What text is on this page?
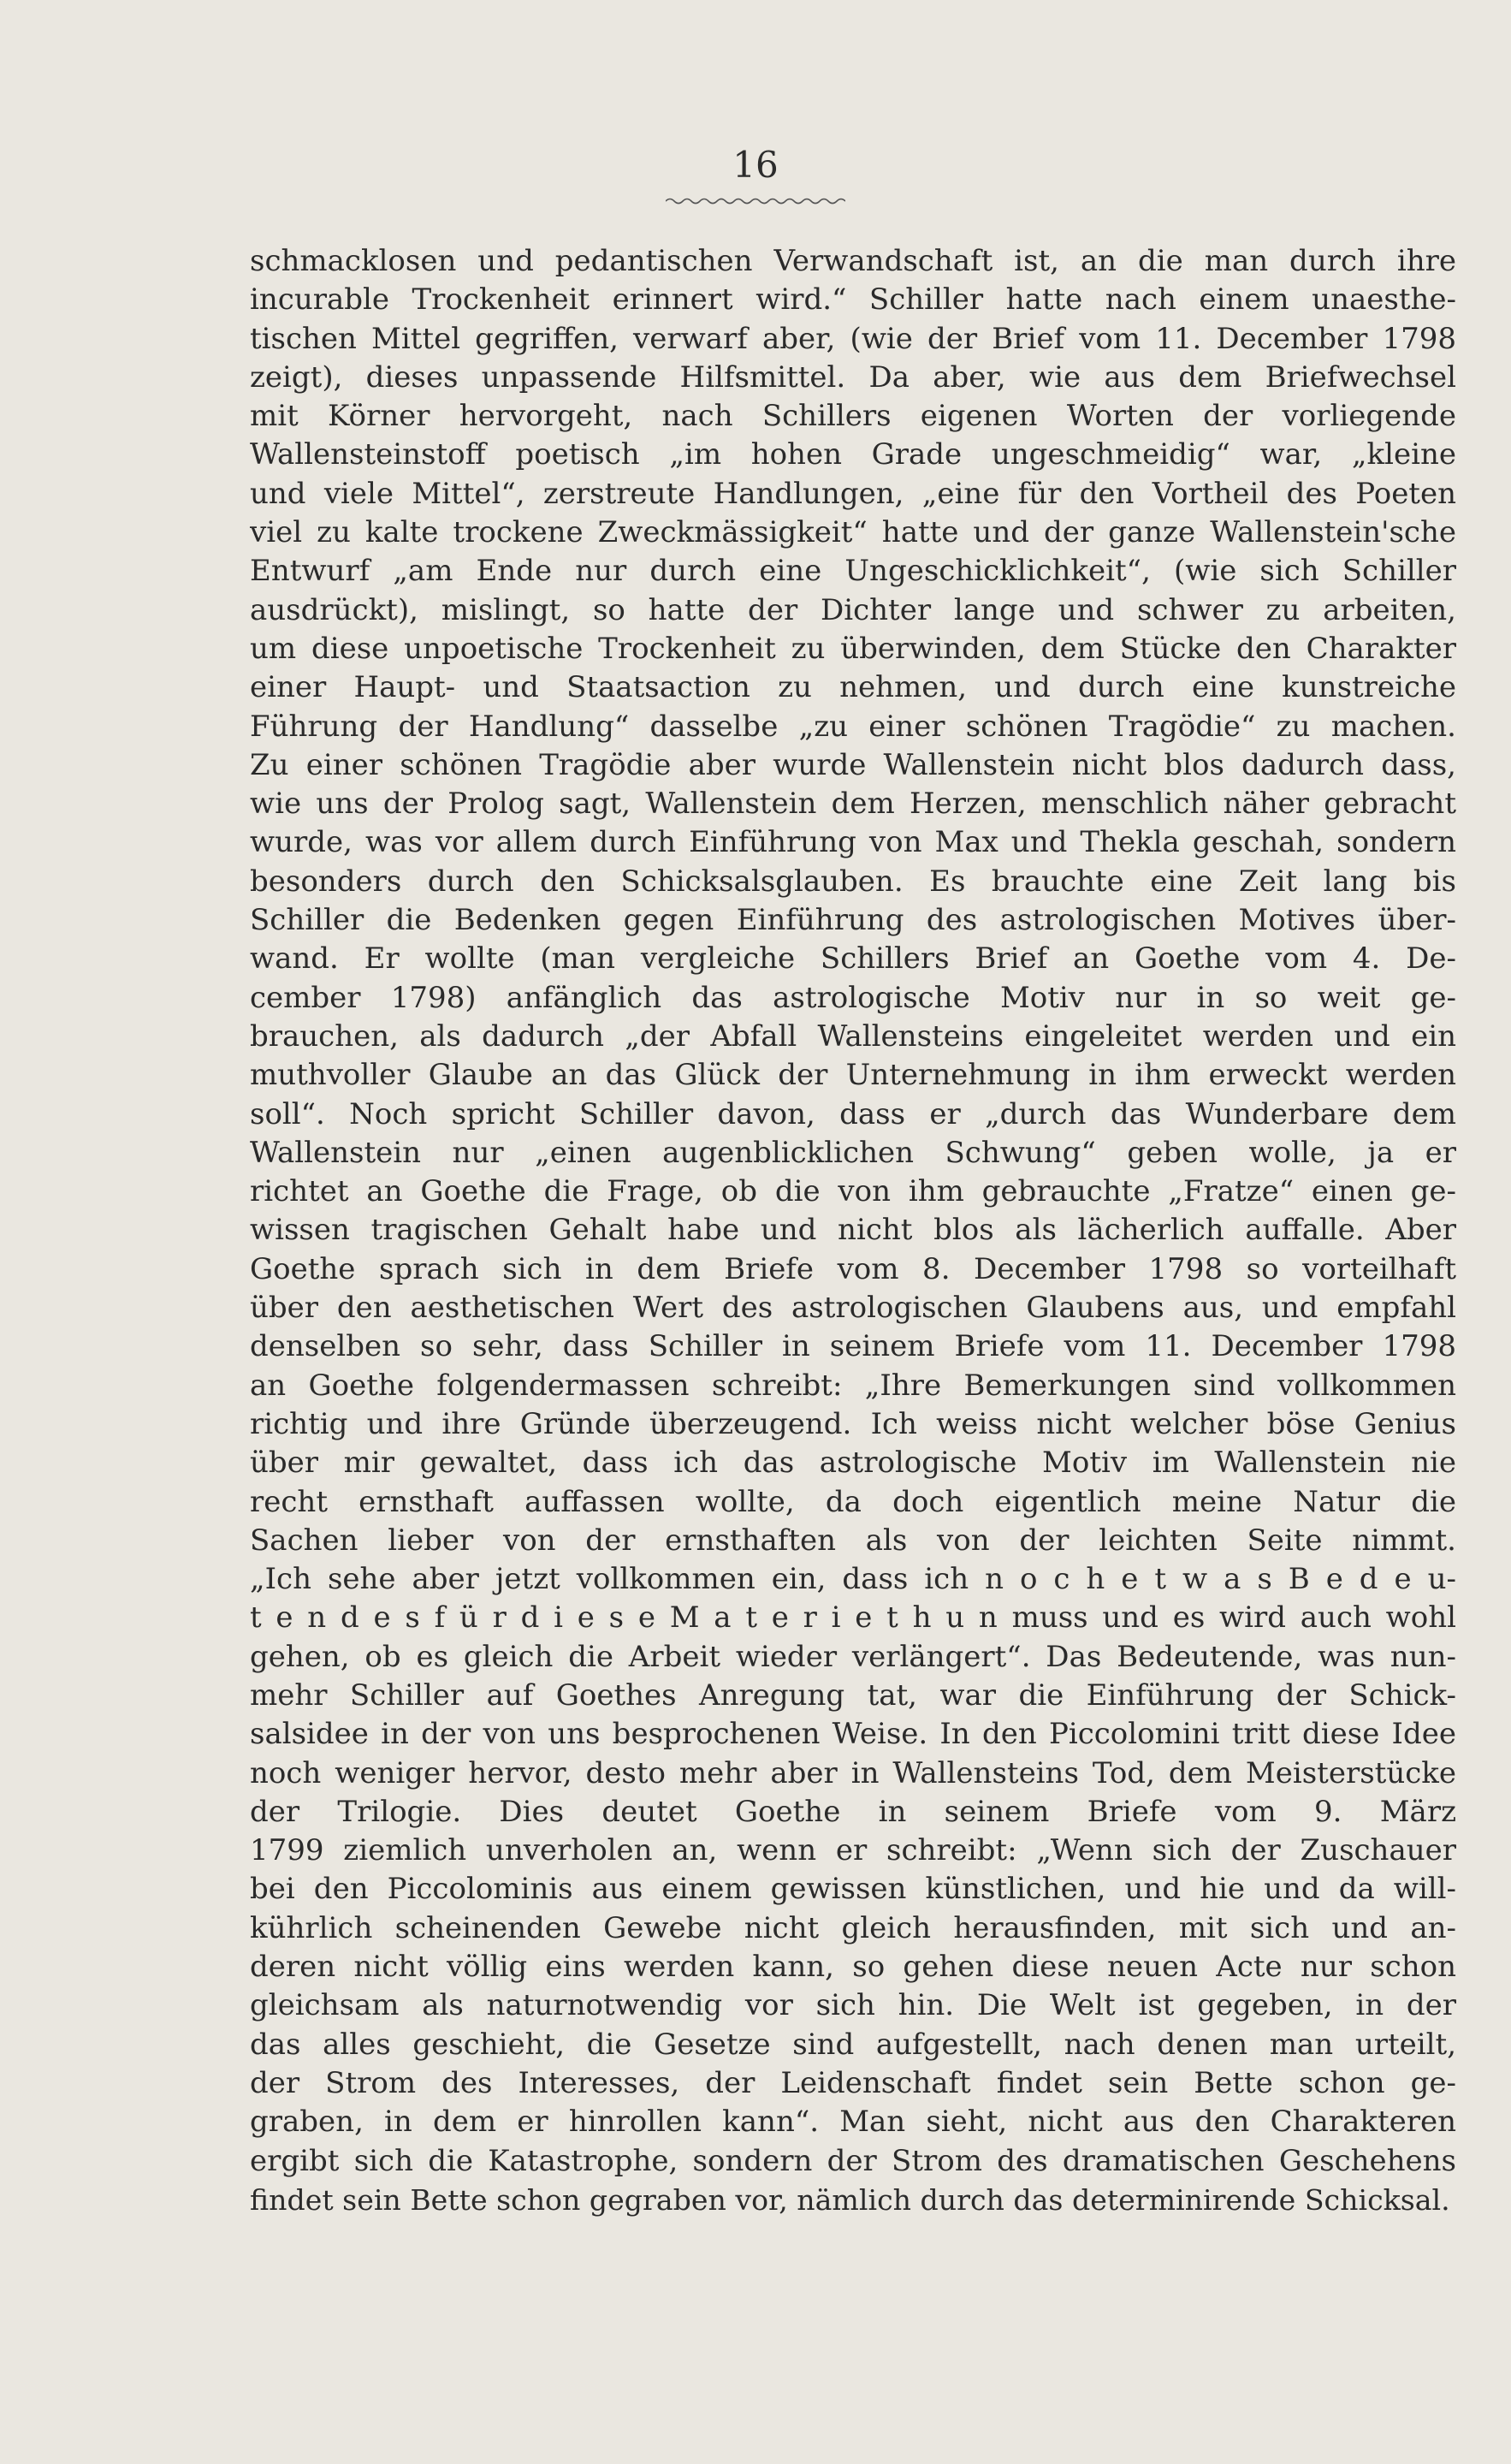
16
schmacklosen und pedantischen Verwandschaft ist, an die man durch ihre
incurable Trockenheit erinnert wird.“ Schiller hatte nach einem unaesthe-
tischen Mittel gegriffen, verwarf aber, (wie der Brief vom 11. December 1798
zeigt), dieses unpassende Hilfsmittel. Da aber, wie aus dem Briefwechsel
mit Körner hervorgeht, nach Schillers eigenen Worten der vorliegende
Wallensteinstoff poetisch „im hohen Grade ungeschmeidig“ war, „kleine
und viele Mittel“, zerstreute Handlungen, „eine für den Vortheil des Poeten
viel zu kalte trockene Zweckmässigkeit“ hatte und der ganze Wallenstein'sche
Entwurf „am Ende nur durch eine Ungeschicklichkeit“, (wie sich Schiller
ausdrückt), mislingt, so hatte der Dichter lange und schwer zu arbeiten,
um diese unpoetische Trockenheit zu überwinden, dem Stücke den Charakter
einer Haupt- und Staatsaction zu nehmen, und durch eine kunstreiche
Führung der Handlung“ dasselbe „zu einer schönen Tragödie“ zu machen.
Zu einer schönen Tragödie aber wurde Wallenstein nicht blos dadurch dass,
wie uns der Prolog sagt, Wallenstein dem Herzen, menschlich näher gebracht
wurde, was vor allem durch Einführung von Max und Thekla geschah, sondern
besonders durch den Schicksalsglauben. Es brauchte eine Zeit lang bis
Schiller die Bedenken gegen Einführung des astrologischen Motives über-
wand. Er wollte (man vergleiche Schillers Brief an Goethe vom 4. De-
cember 1798) anfänglich das astrologische Motiv nur in so weit ge-
brauchen, als dadurch „der Abfall Wallensteins eingeleitet werden und ein
muthvoller Glaube an das Glück der Unternehmung in ihm erweckt werden
soll“. Noch spricht Schiller davon, dass er „durch das Wunderbare dem
Wallenstein nur „einen augenblicklichen Schwung“ geben wolle, ja er
richtet an Goethe die Frage, ob die von ihm gebrauchte „Fratze“ einen ge-
wissen tragischen Gehalt habe und nicht blos als lächerlich auffalle. Aber
Goethe sprach sich in dem Briefe vom 8. December 1798 so vorteilhaft
über den aesthetischen Wert des astrologischen Glaubens aus, und empfahl
denselben so sehr, dass Schiller in seinem Briefe vom 11. December 1798
an Goethe folgendermassen schreibt: „Ihre Bemerkungen sind vollkommen
richtig und ihre Gründe überzeugend. Ich weiss nicht welcher böse Genius
über mir gewaltet, dass ich das astrologische Motiv im Wallenstein nie
recht ernsthaft auffassen wollte, da doch eigentlich meine Natur die
Sachen lieber von der ernsthaften als von der leichten Seite nimmt.
„Ich sehe aber jetzt vollkommen ein, dass ich n o c h e t w a s B e d e u-
t e n d e s f ü r d i e s e M a t e r i e t h u n muss und es wird auch wohl
gehen, ob es gleich die Arbeit wieder verlängert“. Das Bedeutende, was nun-
mehr Schiller auf Goethes Anregung tat, war die Einführung der Schick-
salsidee in der von uns besprochenen Weise. In den Piccolomini tritt diese Idee
noch weniger hervor, desto mehr aber in Wallensteins Tod, dem Meisterstücke
der Trilogie. Dies deutet Goethe in seinem Briefe vom 9. März
1799 ziemlich unverholen an, wenn er schreibt: „Wenn sich der Zuschauer
bei den Piccolominis aus einem gewissen künstlichen, und hie und da will-
kührlich scheinenden Gewebe nicht gleich herausfinden, mit sich und an-
deren nicht völlig eins werden kann, so gehen diese neuen Acte nur schon
gleichsam als naturnotwendig vor sich hin. Die Welt ist gegeben, in der
das alles geschieht, die Gesetze sind aufgestellt, nach denen man urteilt,
der Strom des Interesses, der Leidenschaft findet sein Bette schon ge-
graben, in dem er hinrollen kann“. Man sieht, nicht aus den Charakteren
ergibt sich die Katastrophe, sondern der Strom des dramatischen Geschehens
findet sein Bette schon gegraben vor, nämlich durch das determinirende Schicksal.
